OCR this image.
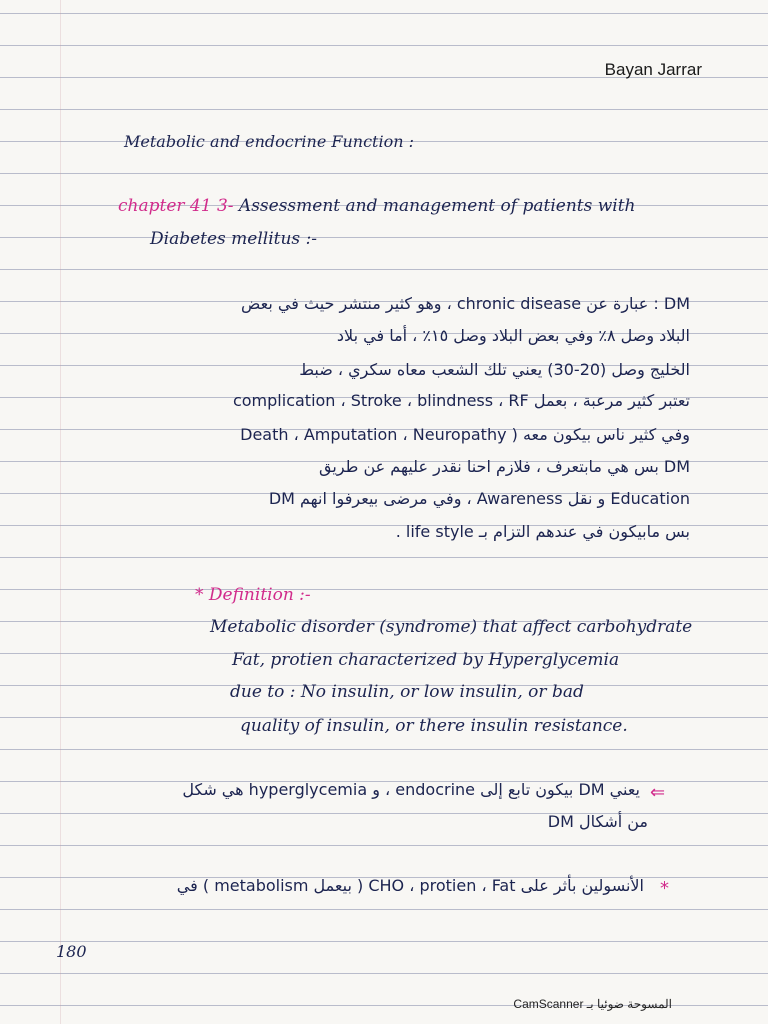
Bayan Jarrar
Metabolic and endocrine Function :
chapter 41 3- Assessment and management of patients with
Diabetes mellitus :-
DM : عبارة عن chronic disease ، وهو كثير منتشر حيث في بعض
البلاد وصل ٨٪ وفي بعض البلاد وصل ١٥٪ ، أما في بلاد
الخليج وصل (20-30) يعني تلك الشعب معاه سكري ، ضبط
تعتبر كثير مرعبة ، بعمل complication ، Stroke ، blindness ، RF
وفي كثير ناس بيكون معه ( Death ، Amputation ، Neuropathy
DM بس هي مابتعرف ، فلازم احنا نقدر عليهم عن طريق
Education و نقل Awareness ، وفي مرضى بيعرفوا انهم DM
بس مابيكون في عندهم التزام بـ life style .
* Definition :-
Metabolic disorder (syndrome) that affect carbohydrate
Fat, protien characterized by Hyperglycemia
due to : No insulin, or low insulin, or bad
quality of insulin, or there insulin resistance.
⇐
يعني DM بيكون تابع إلى endocrine ، و hyperglycemia هي شكل
من أشكال DM
*
الأنسولين بأثر على CHO ، protien ، Fat ( بيعمل metabolism ) في
180
CamScanner المسوحة ضوئيا بـ
